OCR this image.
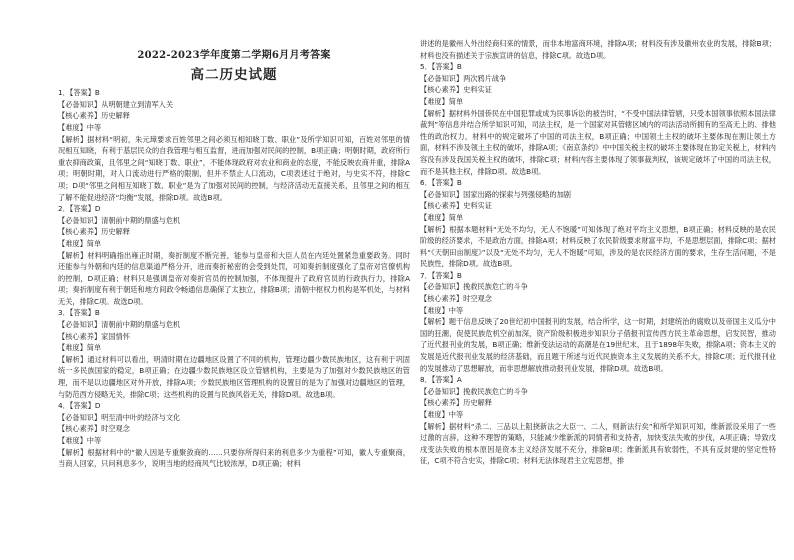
2022-2023学年度第二学期6月月考答案
高二历史试题
1．【答案】B
【必备知识】从明朝建立到清军入关
【核心素养】历史解释
【难度】中等
【解析】据材料“明初，朱元璋要求百姓邻里之间必须互相知晓丁数、职业”及所学知识可知，百姓对邻里的情况相互知晓，有利于基层民众的自我管理与相互监督，进而加强对民间的控制，B项正确；明朝时期，政府所行重农抑商政策，且邻里之间“知晓丁数、职业”，不能体现政府对农业和商业的态度，不能反映农商并重，排除A项；明朝时期，对人口流动进行严格的限制，但并不禁止人口流动，C项表述过于绝对，与史实不符，排除C项；D项“邻里之间相互知晓丁数、职业”是为了加强对民间的控制，与经济活动无直接关系，且邻里之间的相互了解不能促进经济“均衡”发展，排除D项。故选B项。
2．【答案】D
【必备知识】清朝前中期的鼎盛与危机
【核心素养】历史解释
【难度】简单
【解析】材料明确指出雍正时期，奏折制度不断完善，能参与皇帝和大臣人员在内廷处置紧急重要政务。同时还能参与外朝和内廷的信息渠道严格分开，进而奏折秘密的会受到处罚，可知奏折制度强化了皇帝对官僚机构的控制，D项正确；材料只是强调皇帝对奏折官员的控制加强，不体现提升了政府官员的行政执行力，排除A项；奏折制度有利于朝廷和地方间政令畅通信息确保了太独立，排除B项；清朝中枢权力机构是军机处，与材料无关，排除C项。故选D项。
3．【答案】B
【必备知识】清朝前中期的鼎盛与危机
【核心素养】家国情怀
【难度】简单
【解析】通过材料可以看出，明清时期在边疆地区设置了不同的机构，管理边疆少数民族地区，这有利于巩固统一多民族国家的稳定，B项正确；在边疆少数民族地区设立管辖机构，主要是为了加强对少数民族地区的管理，而不是以边疆地区对外开放，排除A项；少数民族地区管理机构的设置目的是为了加强对边疆地区的管理，与防范西方侵略无关，排除C项；这些机构的设置与民族风俗无关，排除D项。故选B项。
4．【答案】D
【必备知识】明至清中叶的经济与文化
【核心素养】时空观念
【难度】中等
【解析】根据材料中的“徽人因是专重聚敛商的……只要你所得归来的利息多少为重程”可知，徽人专重聚商，当商人回家，只问利息多少，说明当地的经商风气比较浓厚，D项正确；材料
讲述的是徽州人外出经商归来的情景，而非本地富商环境，排除A项；材料没有涉及徽州农业的发展，排除B项；材料也没有描述关于宗族宣讲的信息，排除C项。故选D项。
5．【答案】B
【必备知识】两次鸦片战争
【核心素养】史料实证
【难度】简单
【解析】据材料外国侨民在中国犯罪或成为民事诉讼的被告时，“不受中国法律管辖，只受本国领事依照本国法律裁判”等信息并结合所学知识可知，司法主权，是一个国家对其管辖区域内的司法活动所拥有的至高无上的、排他性的政治权力，材料中的规定破坏了中国的司法主权，B项正确；中国领土主权的破坏主要体现在割让领土方面，材料不涉及领土主权的破坏，排除A项；《南京条约》中中国关税主权的破坏主要体现在协定关税上，材料内容没有涉及我国关税主权的破坏，排除C项；材料内容主要体现了领事裁判权，该规定破坏了中国的司法主权，而不是其他主权，排除D项。故选B项。
6．【答案】B
【必备知识】国家出路的探索与列强侵略的加剧
【核心素养】史料实证
【难度】简单
【解析】根据本题材料“无处不均匀，无人不饱暖”可知体现了绝对平均主义思想，B项正确；材料反映的是农民阶级的经济要求，不是政治方面，排除A项；材料反映了农民阶级要求财富平均，不是思想层面，排除C项；据材料“《天朝田亩制度》”以及“无处不均匀，无人不饱暖”可知，涉及的是农民经济方面的要求，生存生活问题，不是民族性，排除D项。故选B项。
7．【答案】B
【必备知识】挽救民族危亡的斗争
【核心素养】时空观念
【难度】中等
【解析】题干信息反映了20世纪初中国报刊的发展，结合所学，这一时期，封建统治的腐败以及帝国主义瓜分中国的狂潮，促使民族危机空前加深，资产阶级积极进步知识分子借报刊宣传西方民主革命思想，启发民智，推动了近代报刊业的发展，B项正确；维新变法运动的高潮是在19世纪末，且于1898年失败，排除A项；资本主义的发展是近代报刊业发展的经济基础，而且题干所述与近代民族资本主义发展的关系不大，排除C项；近代报刊业的发展推动了思想解放，而非思想解放推动报刊业发展，排除D项。故选B项。
8．【答案】A
【必备知识】挽救民族危亡的斗争
【核心素养】历史解释
【难度】中等
【解析】据材料“杀二、三品以上阻挠新法之大臣一、二人，则新法行矣”和所学知识可知，维新派设采用了一些过激的言辞，这种不理智的策略，只能减少维新派的同情者和支持者，加快变法失败的步伐，A项正确；导致戊戌变法失败的根本原因是资本主义经济发展不充分，排除B项；维新派具有软弱性，不具有反封建的坚定性特征，C项不符合史实，排除C项；材料无法体现君主立宪思想，排
